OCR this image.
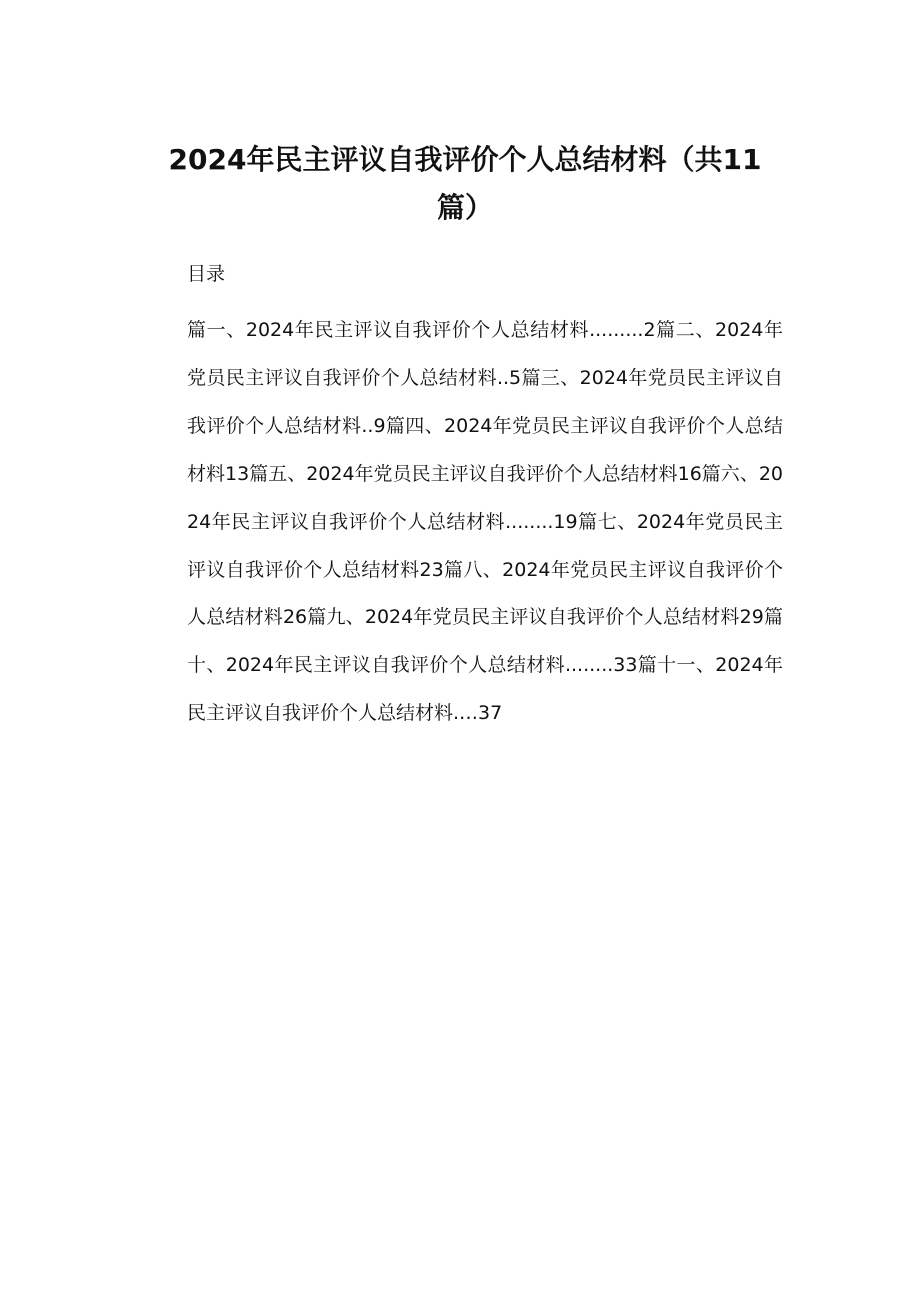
2024年民主评议自我评价个人总结材料（共11篇）

目录

篇一、2024年民主评议自我评价个人总结材料.........2篇二、2024年党员民主评议自我评价个人总结材料..5篇三、2024年党员民主评议自我评价个人总结材料..9篇四、2024年党员民主评议自我评价个人总结材料13篇五、2024年党员民主评议自我评价个人总结材料16篇六、2024年民主评议自我评价个人总结材料........19篇七、2024年党员民主评议自我评价个人总结材料23篇八、2024年党员民主评议自我评价个人总结材料26篇九、2024年党员民主评议自我评价个人总结材料29篇十、2024年民主评议自我评价个人总结材料........33篇十一、2024年民主评议自我评价个人总结材料.…37
